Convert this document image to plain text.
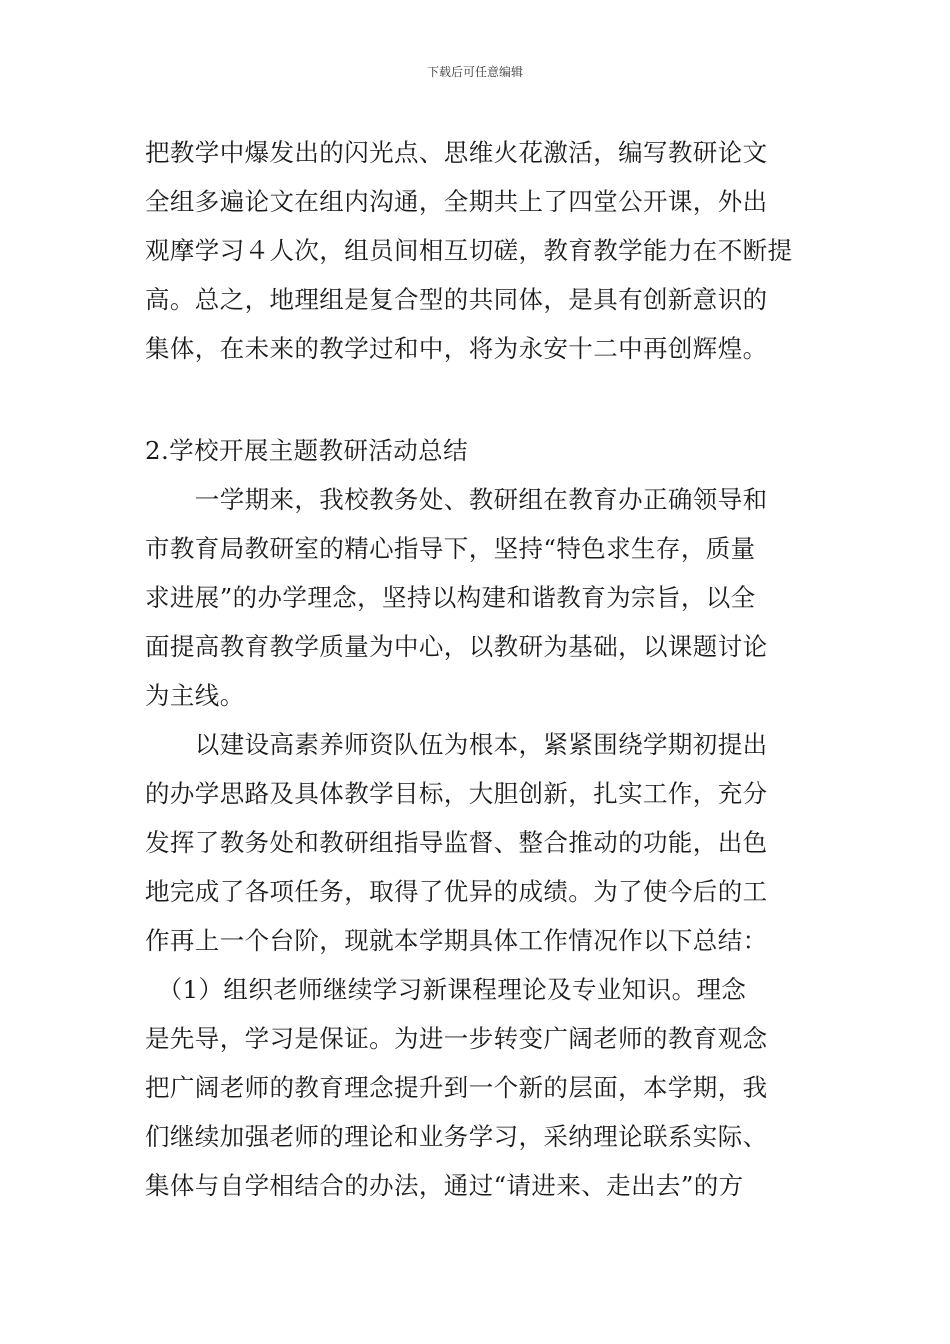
下载后可任意编辑
把教学中爆发出的闪光点、思维火花激活，编写教研论文
全组多遍论文在组内沟通，全期共上了四堂公开课，外出
观摩学习４人次，组员间相互切磋，教育教学能力在不断提
高。总之，地理组是复合型的共同体，是具有创新意识的
集体，在未来的教学过和中，将为永安十二中再创辉煌。
2.学校开展主题教研活动总结
　　一学期来，我校教务处、教研组在教育办正确领导和
市教育局教研室的精心指导下，坚持“特色求生存，质量
求进展”的办学理念，坚持以构建和谐教育为宗旨，以全
面提高教育教学质量为中心，以教研为基础，以课题讨论
为主线。
　　以建设高素养师资队伍为根本，紧紧围绕学期初提出
的办学思路及具体教学目标，大胆创新，扎实工作，充分
发挥了教务处和教研组指导监督、整合推动的功能，出色
地完成了各项任务，取得了优异的成绩。为了使今后的工
作再上一个台阶，现就本学期具体工作情况作以下总结：
　（1）组织老师继续学习新课程理论及专业知识。理念
是先导，学习是保证。为进一步转变广阔老师的教育观念
把广阔老师的教育理念提升到一个新的层面，本学期，我
们继续加强老师的理论和业务学习，采纳理论联系实际、
集体与自学相结合的办法，通过“请进来、走出去”的方
